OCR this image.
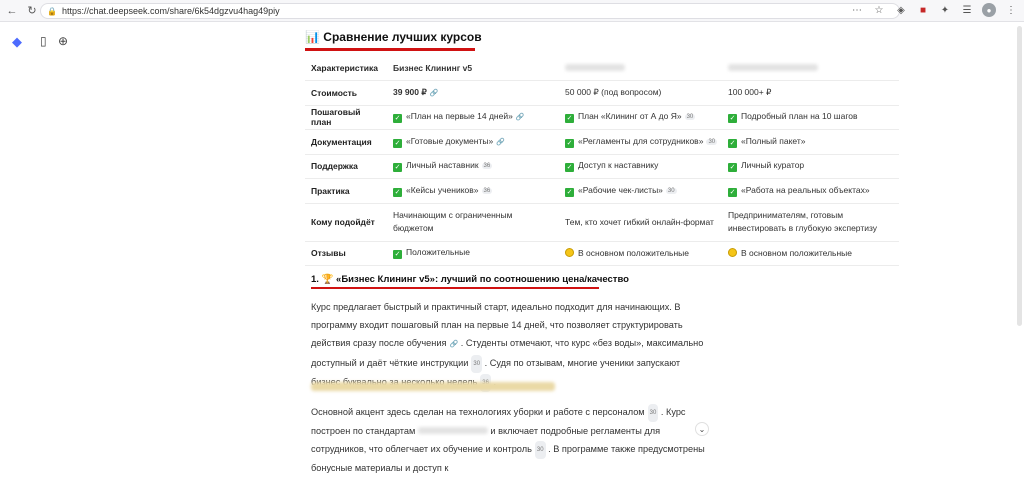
← ↻	🔒 https://chat.deepseek.com/share/6k54dgzvu4hag49piy	⋯ ☆	◈	■	✦ ☰	●	⋮
◆ ▯ ⊕	📊 Сравнение лучших курсов
Характеристика	Бизнес Клининг v5		
Стоимость	39 900 ₽ 🔗	50 000 ₽ (под вопросом)	100 000+ ₽
Пошаговый план	✓ «План на первые 14 дней» 🔗	✓ План «Клининг от А до Я» 30	✓ Подробный план на 10 шагов
Документация	✓ «Готовые документы» 🔗	✓ «Регламенты для сотрудников» 30	✓ «Полный пакет»
Поддержка	✓ Личный наставник 36	✓ Доступ к наставнику	✓ Личный куратор
Практика	✓ «Кейсы учеников» 36	✓ «Рабочие чек-листы» 30	✓ «Работа на реальных объектах»
Кому подойдёт	Начинающим с ограниченным бюджетом	Тем, кто хочет гибкий онлайн-формат	Предпринимателям, готовым инвестировать в глубокую экспертизу
Отзывы	✓ Положительные	В основном положительные	В основном положительные
1. 🏆 «Бизнес Клининг v5»: лучший по соотношению цена/качество
Курс предлагает быстрый и практичный старт, идеально подходит для начинающих. В программу входит пошаговый план на первые 14 дней, что позволяет структурировать действия сразу после обучения 🔗 . Студенты отмечают, что курс «без воды», максимально доступный и даёт чёткие инструкции 30 . Судя по отзывам, многие ученики запускают
Основной акцент здесь сделан на технологиях уборки и работе с персоналом 30 . Курс построен по стандартам	и включает подробные регламенты для сотрудников, что облегчает их обучение и контроль 30 . В программе также предусмотрены бонусные материалы и доступ к
⌄
